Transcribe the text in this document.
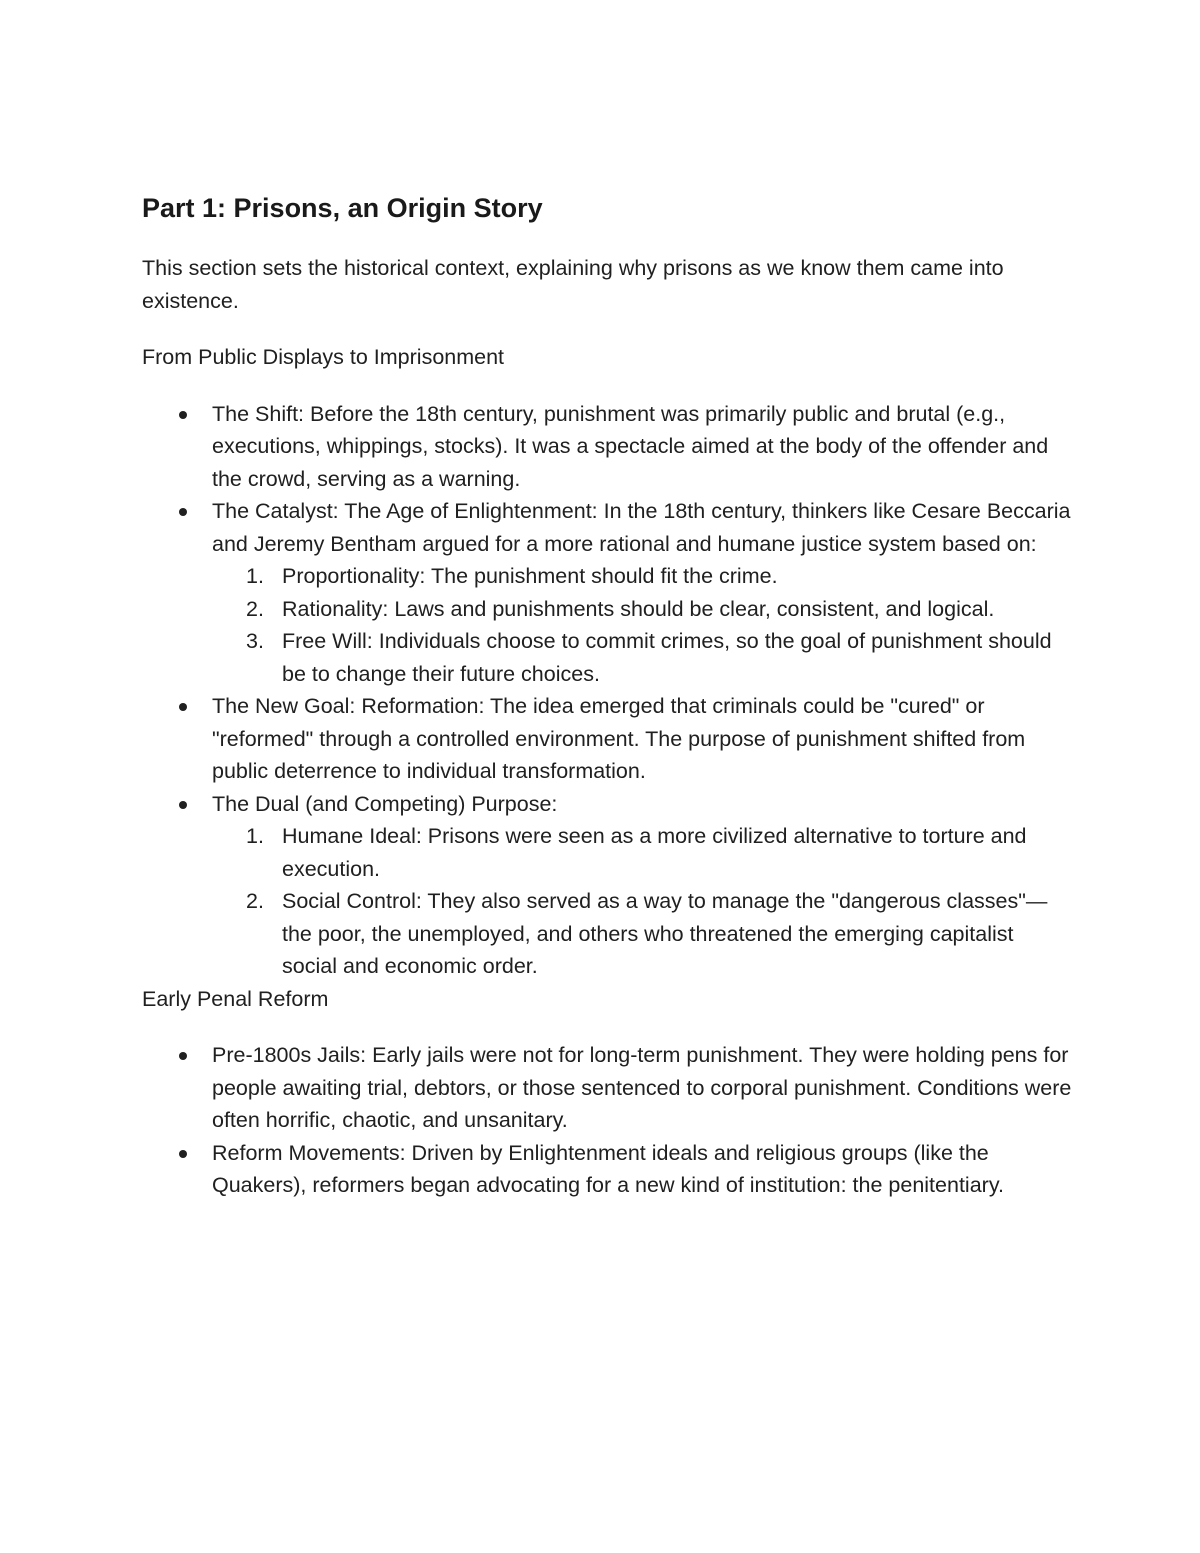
Part 1: Prisons, an Origin Story

This section sets the historical context, explaining why prisons as we know them came into existence.

From Public Displays to Imprisonment

The Shift: Before the 18th century, punishment was primarily public and brutal (e.g., executions, whippings, stocks). It was a spectacle aimed at the body of the offender and the crowd, serving as a warning.
The Catalyst: The Age of Enlightenment: In the 18th century, thinkers like Cesare Beccaria and Jeremy Bentham argued for a more rational and humane justice system based on:
1. Proportionality: The punishment should fit the crime.
2. Rationality: Laws and punishments should be clear, consistent, and logical.
3. Free Will: Individuals choose to commit crimes, so the goal of punishment should be to change their future choices.
The New Goal: Reformation: The idea emerged that criminals could be "cured" or "reformed" through a controlled environment. The purpose of punishment shifted from public deterrence to individual transformation.
The Dual (and Competing) Purpose:
1. Humane Ideal: Prisons were seen as a more civilized alternative to torture and execution.
2. Social Control: They also served as a way to manage the "dangerous classes"—the poor, the unemployed, and others who threatened the emerging capitalist social and economic order.

Early Penal Reform

Pre-1800s Jails: Early jails were not for long-term punishment. They were holding pens for people awaiting trial, debtors, or those sentenced to corporal punishment. Conditions were often horrific, chaotic, and unsanitary.
Reform Movements: Driven by Enlightenment ideals and religious groups (like the Quakers), reformers began advocating for a new kind of institution: the penitentiary.
